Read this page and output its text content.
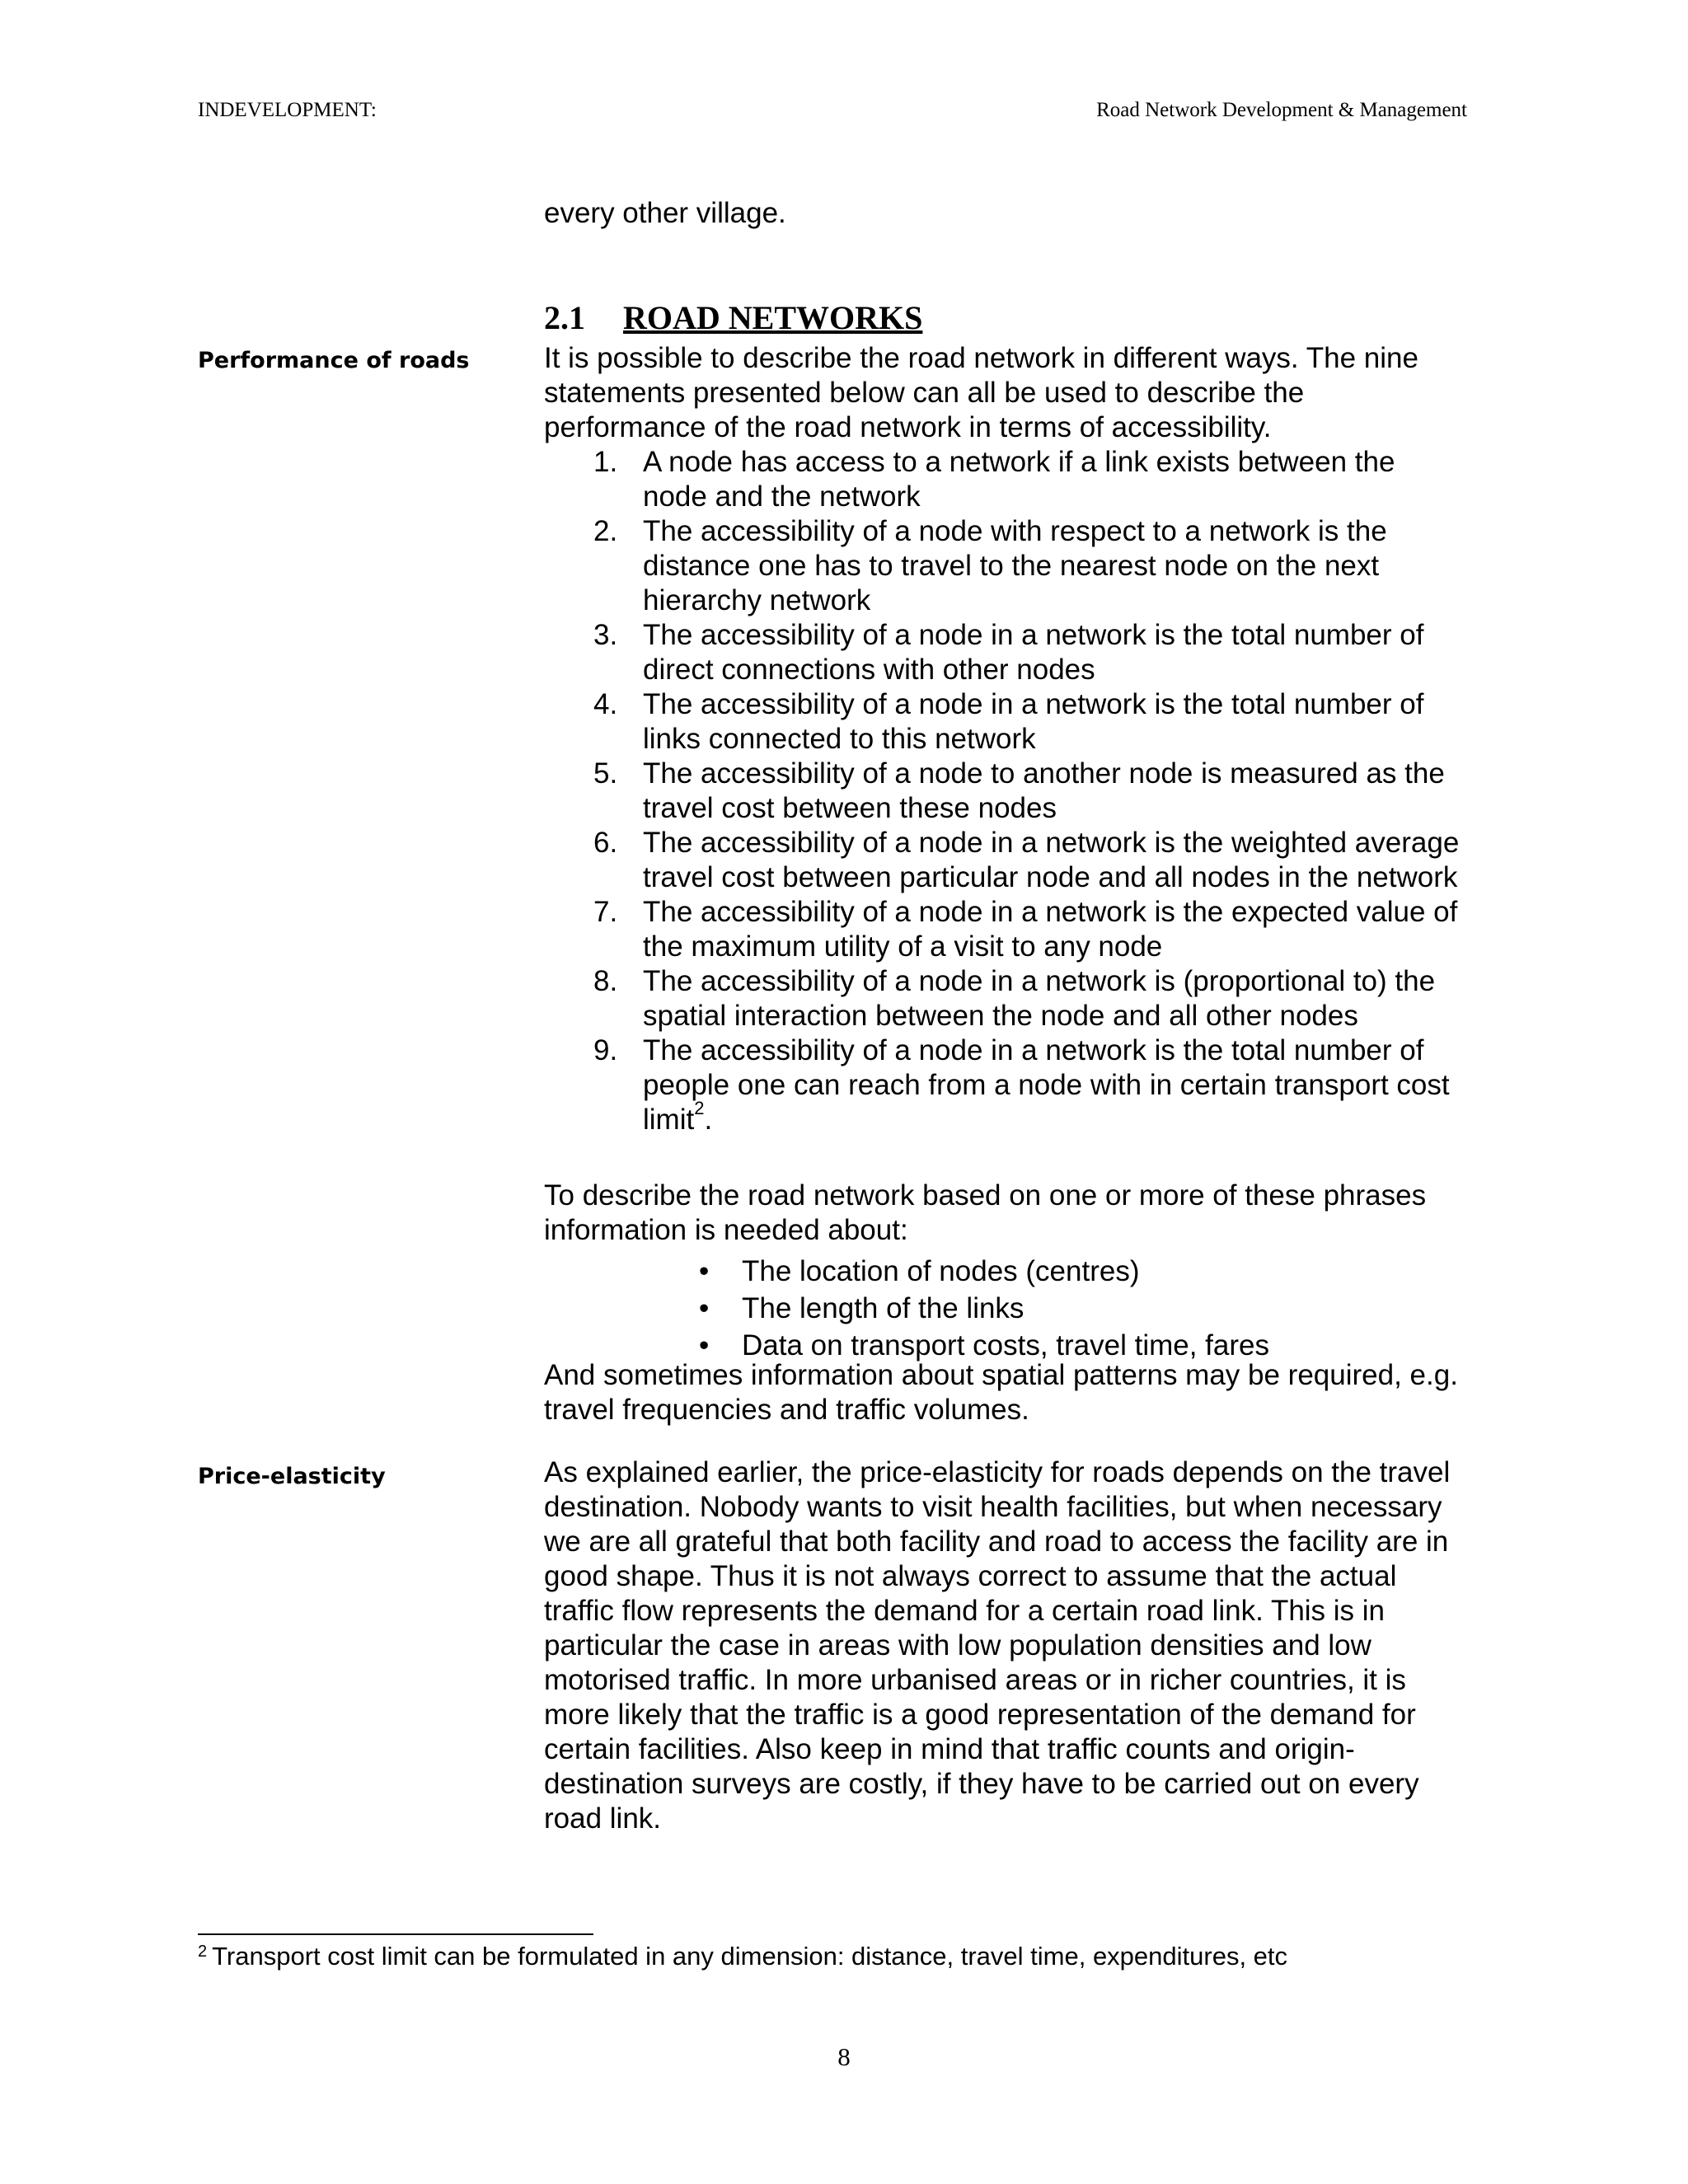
INDEVELOPMENT:	Road Network Development & Management
every other village.
2.1 ROAD NETWORKS
Performance of roads	It is possible to describe the road network in different ways. The nine
statements presented below can all be used to describe the
performance of the road network in terms of accessibility.
1. A node has access to a network if a link exists between the
node and the network
2. The accessibility of a node with respect to a network is the
distance one has to travel to the nearest node on the next
hierarchy network
3. The accessibility of a node in a network is the total number of
direct connections with other nodes
4. The accessibility of a node in a network is the total number of
links connected to this network
5. The accessibility of a node to another node is measured as the
travel cost between these nodes
6. The accessibility of a node in a network is the weighted average
travel cost between particular node and all nodes in the network
7. The accessibility of a node in a network is the expected value of
the maximum utility of a visit to any node
8. The accessibility of a node in a network is (proportional to) the
spatial interaction between the node and all other nodes
9. The accessibility of a node in a network is the total number of
people one can reach from a node with in certain transport cost
limit$^2$.
To describe the road network based on one or more of these phrases
information is needed about:
• The location of nodes (centres)
• The length of the links
• Data on transport costs, travel time, fares
And sometimes information about spatial patterns may be required, e.g.
travel frequencies and traffic volumes.
Price-elasticity	As explained earlier, the price-elasticity for roads depends on the travel
destination. Nobody wants to visit health facilities, but when necessary
we are all grateful that both facility and road to access the facility are in
good shape. Thus it is not always correct to assume that the actual
traffic flow represents the demand for a certain road link. This is in
particular the case in areas with low population densities and low
motorised traffic. In more urbanised areas or in richer countries, it is
more likely that the traffic is a good representation of the demand for
certain facilities. Also keep in mind that traffic counts and origin-
destination surveys are costly, if they have to be carried out on every
road link.
$^2$ Transport cost limit can be formulated in any dimension: distance, travel time, expenditures, etc
8
